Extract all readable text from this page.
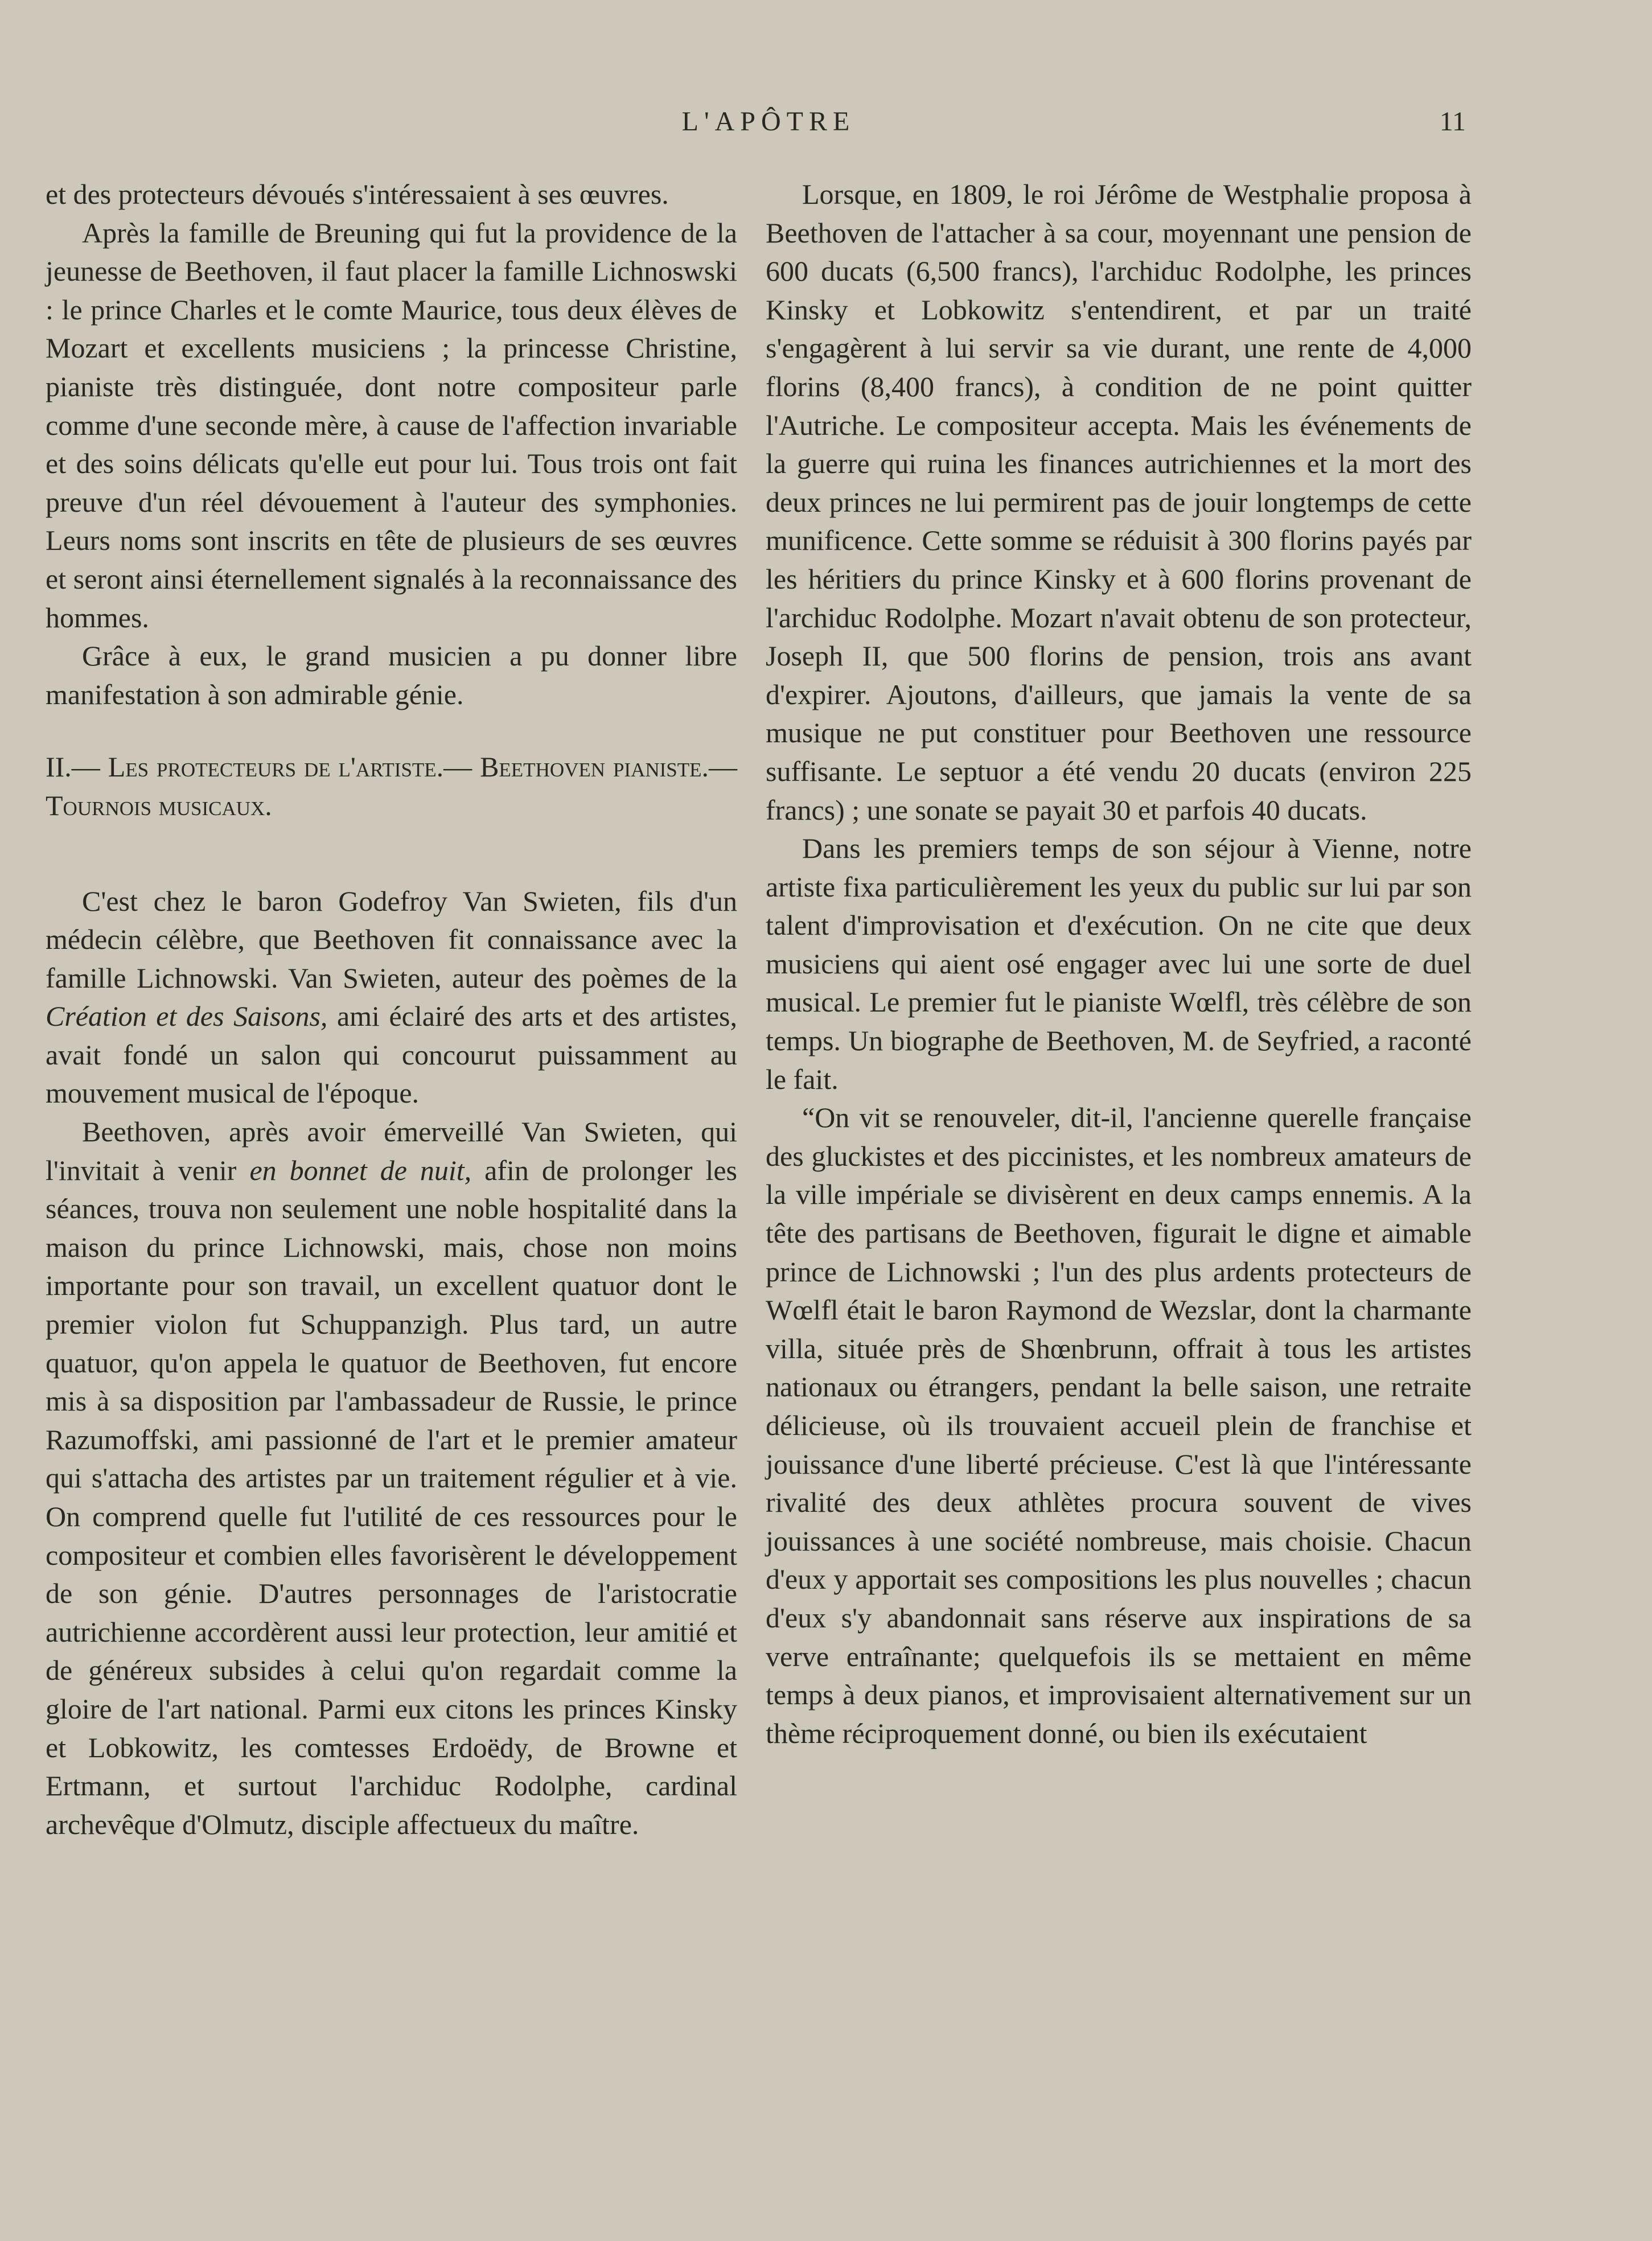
L'APÔTRE	11

et des protecteurs dévoués s'intéressaient à ses œuvres.

Après la famille de Breuning qui fut la providence de la jeunesse de Beethoven, il faut placer la famille Lichnoswski : le prince Charles et le comte Maurice, tous deux élèves de Mozart et excellents musiciens ; la princesse Christine, pianiste très distinguée, dont notre compositeur parle comme d'une seconde mère, à cause de l'affection invariable et des soins délicats qu'elle eut pour lui. Tous trois ont fait preuve d'un réel dévouement à l'auteur des symphonies. Leurs noms sont inscrits en tête de plusieurs de ses œuvres et seront ainsi éternellement signalés à la reconnaissance des hommes.

Grâce à eux, le grand musicien a pu donner libre manifestation à son admirable génie.

II.— Les protecteurs de l'artiste.— Beethoven pianiste.— Tournois musicaux.

C'est chez le baron Godefroy Van Swieten, fils d'un médecin célèbre, que Beethoven fit connaissance avec la famille Lichnowski. Van Swieten, auteur des poèmes de la Création et des Saisons, ami éclairé des arts et des artistes, avait fondé un salon qui concourut puissamment au mouvement musical de l'époque.

Beethoven, après avoir émerveillé Van Swieten, qui l'invitait à venir en bonnet de nuit, afin de prolonger les séances, trouva non seulement une noble hospitalité dans la maison du prince Lichnowski, mais, chose non moins importante pour son travail, un excellent quatuor dont le premier violon fut Schuppanzigh. Plus tard, un autre quatuor, qu'on appela le quatuor de Beethoven, fut encore mis à sa disposition par l'ambassadeur de Russie, le prince Razumoffski, ami passionné de l'art et le premier amateur qui s'attacha des artistes par un traitement régulier et à vie. On comprend quelle fut l'utilité de ces ressources pour le compositeur et combien elles favorisèrent le développement de son génie. D'autres personnages de l'aristocratie autrichienne accordèrent aussi leur protection, leur amitié et de généreux subsides à celui qu'on regardait comme la gloire de l'art national. Parmi eux citons les princes Kinsky et Lobkowitz, les comtesses Erdoëdy, de Browne et Ertmann, et surtout l'archiduc Rodolphe, cardinal archevêque d'Olmutz, disciple affectueux du maître.

Lorsque, en 1809, le roi Jérôme de Westphalie proposa à Beethoven de l'attacher à sa cour, moyennant une pension de 600 ducats (6,500 francs), l'archiduc Rodolphe, les princes Kinsky et Lobkowitz s'entendirent, et par un traité s'engagèrent à lui servir sa vie durant, une rente de 4,000 florins (8,400 francs), à condition de ne point quitter l'Autriche. Le compositeur accepta. Mais les événements de la guerre qui ruina les finances autrichiennes et la mort des deux princes ne lui permirent pas de jouir longtemps de cette munificence. Cette somme se réduisit à 300 florins payés par les héritiers du prince Kinsky et à 600 florins provenant de l'archiduc Rodolphe. Mozart n'avait obtenu de son protecteur, Joseph II, que 500 florins de pension, trois ans avant d'expirer. Ajoutons, d'ailleurs, que jamais la vente de sa musique ne put constituer pour Beethoven une ressource suffisante. Le septuor a été vendu 20 ducats (environ 225 francs) ; une sonate se payait 30 et parfois 40 ducats.

Dans les premiers temps de son séjour à Vienne, notre artiste fixa particulièrement les yeux du public sur lui par son talent d'improvisation et d'exécution. On ne cite que deux musiciens qui aient osé engager avec lui une sorte de duel musical. Le premier fut le pianiste Wœlfl, très célèbre de son temps. Un biographe de Beethoven, M. de Seyfried, a raconté le fait.

“On vit se renouveler, dit-il, l'ancienne querelle française des gluckistes et des piccinistes, et les nombreux amateurs de la ville impériale se divisèrent en deux camps ennemis. A la tête des partisans de Beethoven, figurait le digne et aimable prince de Lichnowski ; l'un des plus ardents protecteurs de Wœlfl était le baron Raymond de Wezslar, dont la charmante villa, située près de Shœnbrunn, offrait à tous les artistes nationaux ou étrangers, pendant la belle saison, une retraite délicieuse, où ils trouvaient accueil plein de franchise et jouissance d'une liberté précieuse. C'est là que l'intéressante rivalité des deux athlètes procura souvent de vives jouissances à une société nombreuse, mais choisie. Chacun d'eux y apportait ses compositions les plus nouvelles ; chacun d'eux s'y abandonnait sans réserve aux inspirations de sa verve entraînante; quelquefois ils se mettaient en même temps à deux pianos, et improvisaient alternativement sur un thème réciproquement donné, ou bien ils exécutaient
